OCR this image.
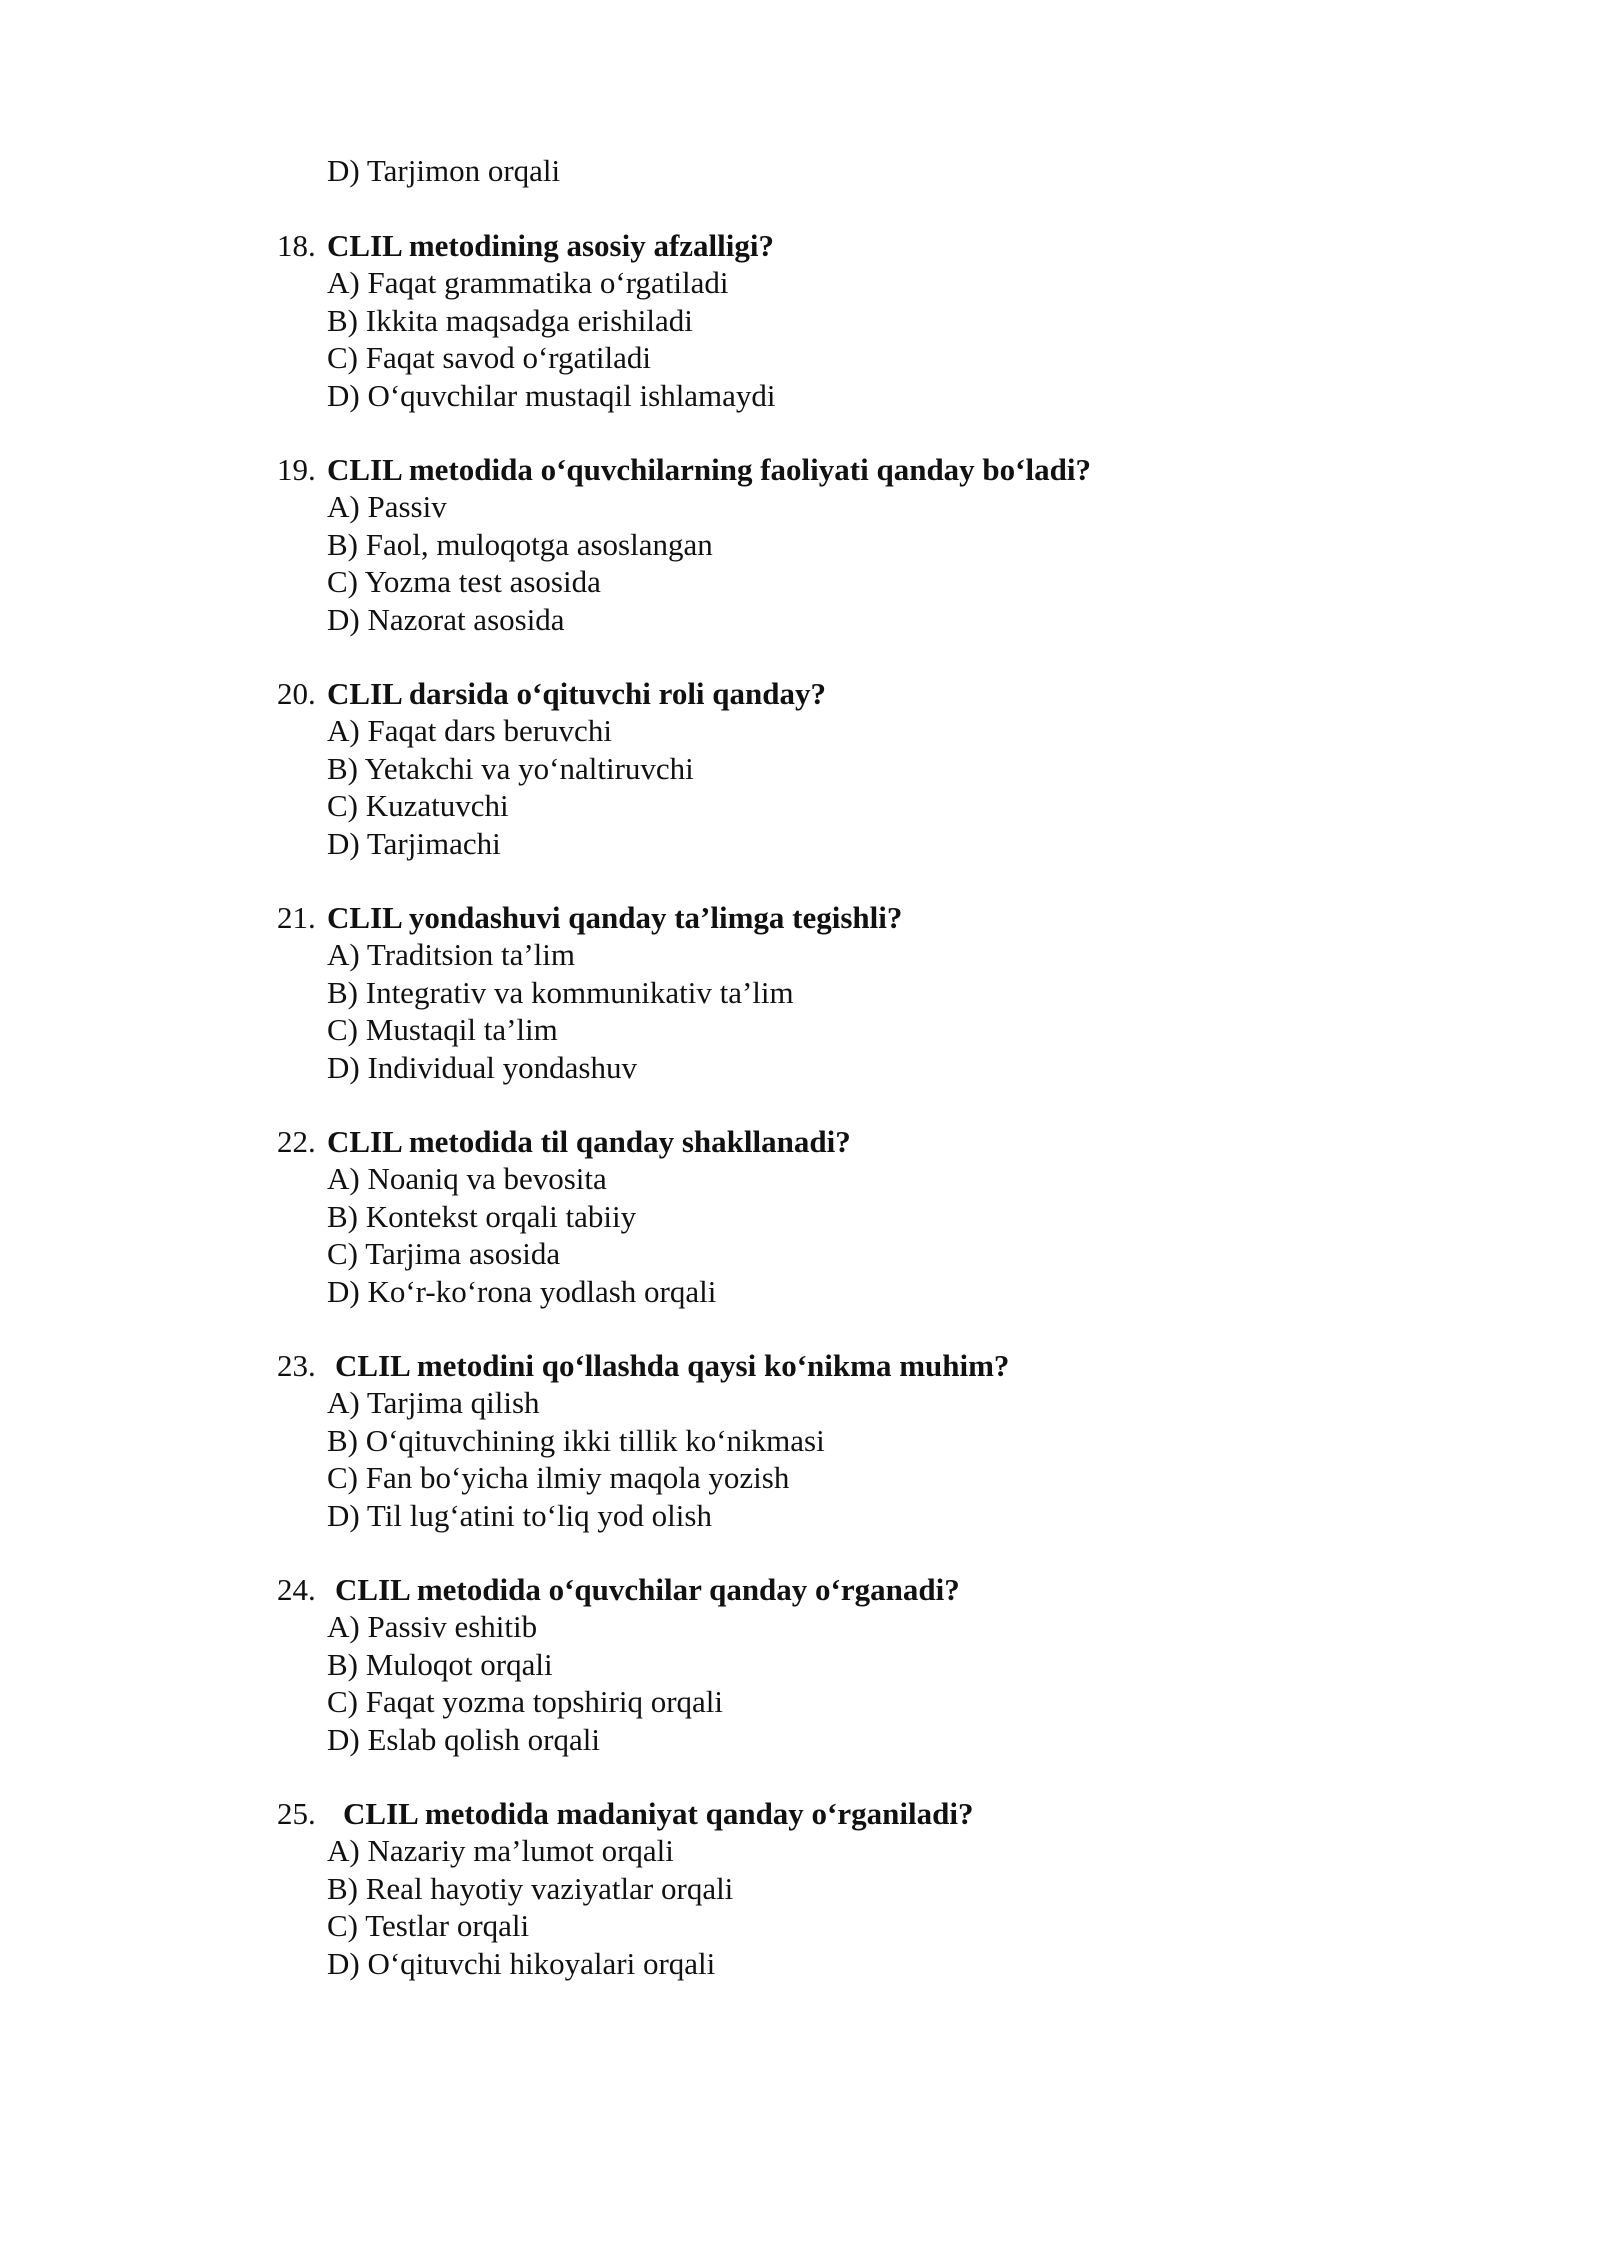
D) Tarjimon orqali
18. CLIL metodining asosiy afzalligi?
A) Faqat grammatika o‘rgatiladi
B) Ikkita maqsadga erishiladi
C) Faqat savod o‘rgatiladi
D) O‘quvchilar mustaqil ishlamaydi
19. CLIL metodida o‘quvchilarning faoliyati qanday bo‘ladi?
A) Passiv
B) Faol, muloqotga asoslangan
C) Yozma test asosida
D) Nazorat asosida
20. CLIL darsida o‘qituvchi roli qanday?
A) Faqat dars beruvchi
B) Yetakchi va yo‘naltiruvchi
C) Kuzatuvchi
D) Tarjimachi
21. CLIL yondashuvi qanday ta’limga tegishli?
A) Traditsion ta’lim
B) Integrativ va kommunikativ ta’lim
C) Mustaqil ta’lim
D) Individual yondashuv
22. CLIL metodida til qanday shakllanadi?
A) Noaniq va bevosita
B) Kontekst orqali tabiiy
C) Tarjima asosida
D) Ko‘r-ko‘rona yodlash orqali
23. CLIL metodini qo‘llashda qaysi ko‘nikma muhim?
A) Tarjima qilish
B) O‘qituvchining ikki tillik ko‘nikmasi
C) Fan bo‘yicha ilmiy maqola yozish
D) Til lug‘atini to‘liq yod olish
24. CLIL metodida o‘quvchilar qanday o‘rganadi?
A) Passiv eshitib
B) Muloqot orqali
C) Faqat yozma topshiriq orqali
D) Eslab qolish orqali
25. CLIL metodida madaniyat qanday o‘rganiladi?
A) Nazariy ma’lumot orqali
B) Real hayotiy vaziyatlar orqali
C) Testlar orqali
D) O‘qituvchi hikoyalari orqali
